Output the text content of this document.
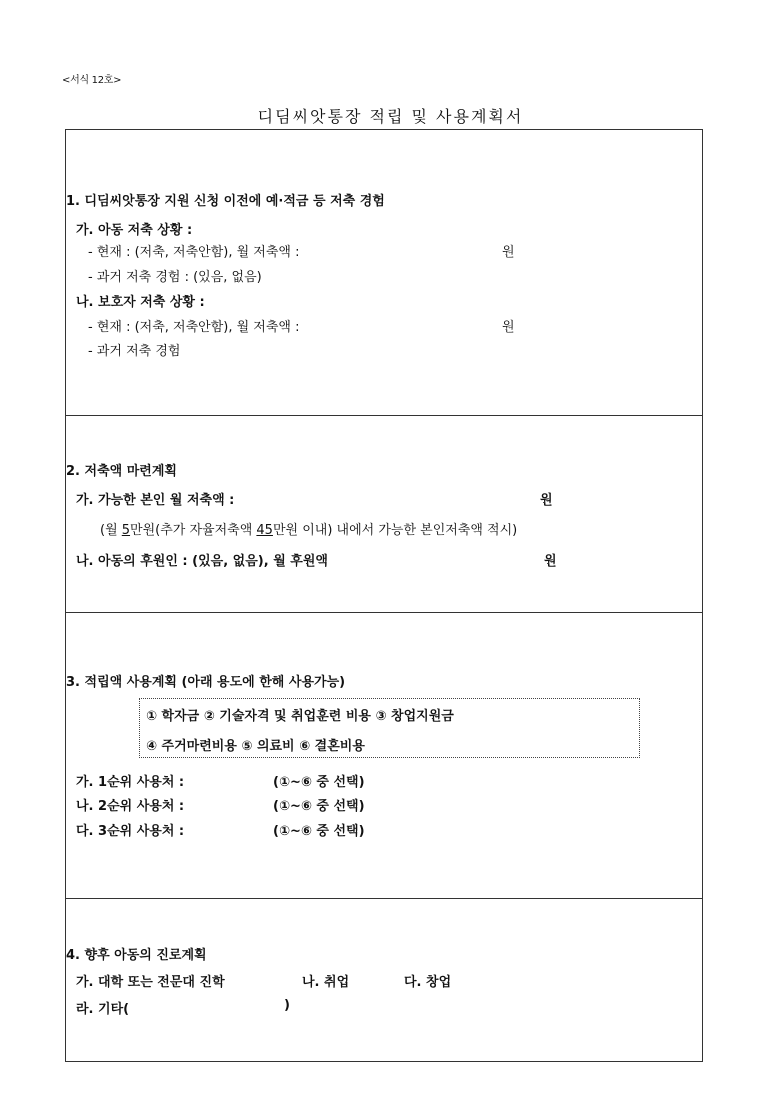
<서식 12호>
디딤씨앗통장 적립 및 사용계획서
1. 디딤씨앗통장 지원 신청 이전에 예·적금 등 저축 경험
가. 아동 저축 상황 :
- 현재 : (저축, 저축안함), 월 저축액 :	원
- 과거 저축 경험 : (있음, 없음)
나. 보호자 저축 상황 :
- 현재 : (저축, 저축안함), 월 저축액 :	원
- 과거 저축 경험
2. 저축액 마련계획
가. 가능한 본인 월 저축액 :	원
(월 5만원(추가 자율저축액 45만원 이내) 내에서 가능한 본인저축액 적시)
나. 아동의 후원인 : (있음, 없음), 월 후원액	원
3. 적립액 사용계획 (아래 용도에 한해 사용가능)
① 학자금 ② 기술자격 및 취업훈련 비용 ③ 창업지원금
④ 주거마련비용 ⑤ 의료비 ⑥ 결혼비용
가. 1순위 사용처 :	(①~⑥ 중 선택)
나. 2순위 사용처 :	(①~⑥ 중 선택)
다. 3순위 사용처 :	(①~⑥ 중 선택)
4. 향후 아동의 진로계획
가. 대학 또는 전문대 진학	나. 취업	다. 창업
라. 기타(	)
